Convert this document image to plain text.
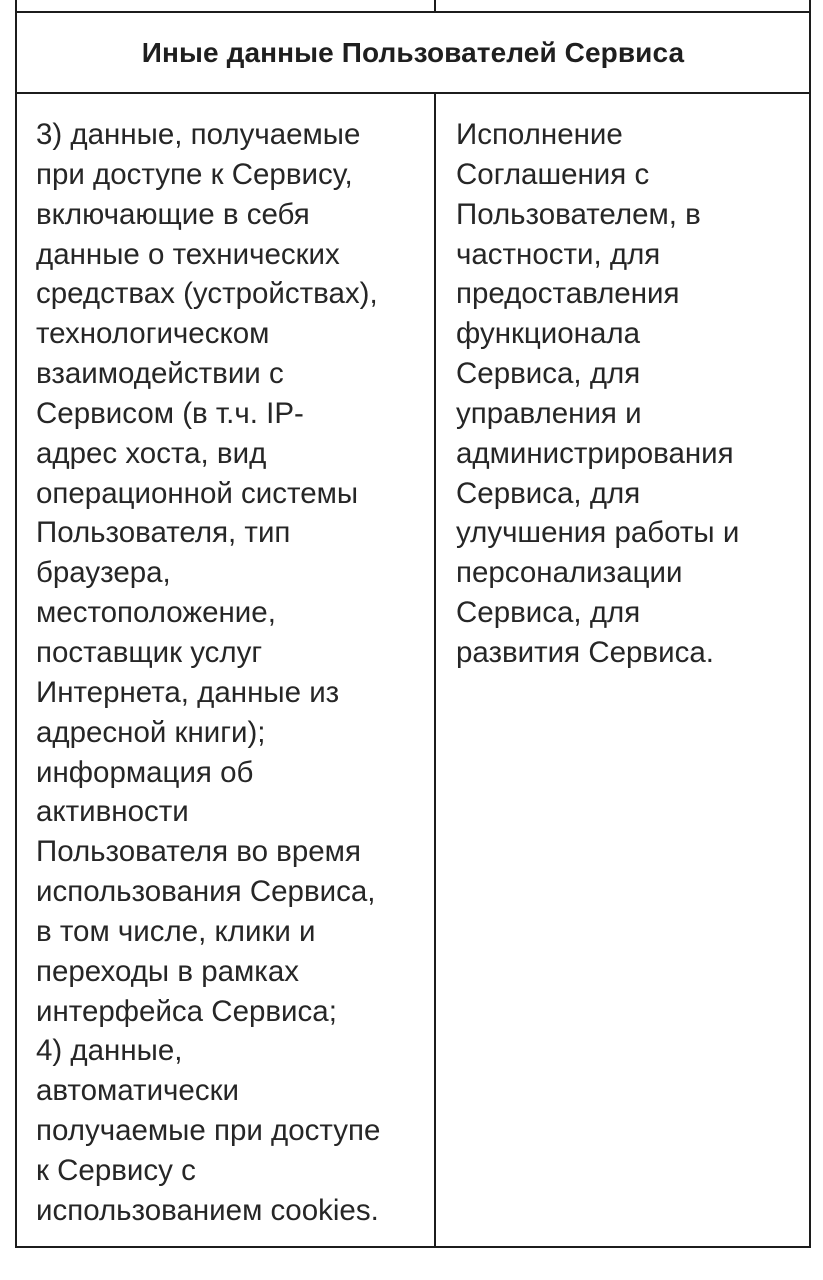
Иные данные Пользователей Сервиса
3) данные, получаемые
при доступе к Сервису,
включающие в себя
данные о технических
средствах (устройствах),
технологическом
взаимодействии с
Сервисом (в т.ч. IP-
адрес хоста, вид
операционной системы
Пользователя, тип
браузера,
местоположение,
поставщик услуг
Интернета, данные из
адресной книги);
информация об
активности
Пользователя во время
использования Сервиса,
в том числе, клики и
переходы в рамках
интерфейса Сервиса;
4) данные,
автоматически
получаемые при доступе
к Сервису с
использованием cookies.
Исполнение
Соглашения с
Пользователем, в
частности, для
предоставления
функционала
Сервиса, для
управления и
администрирования
Сервиса, для
улучшения работы и
персонализации
Сервиса, для
развития Сервиса.
